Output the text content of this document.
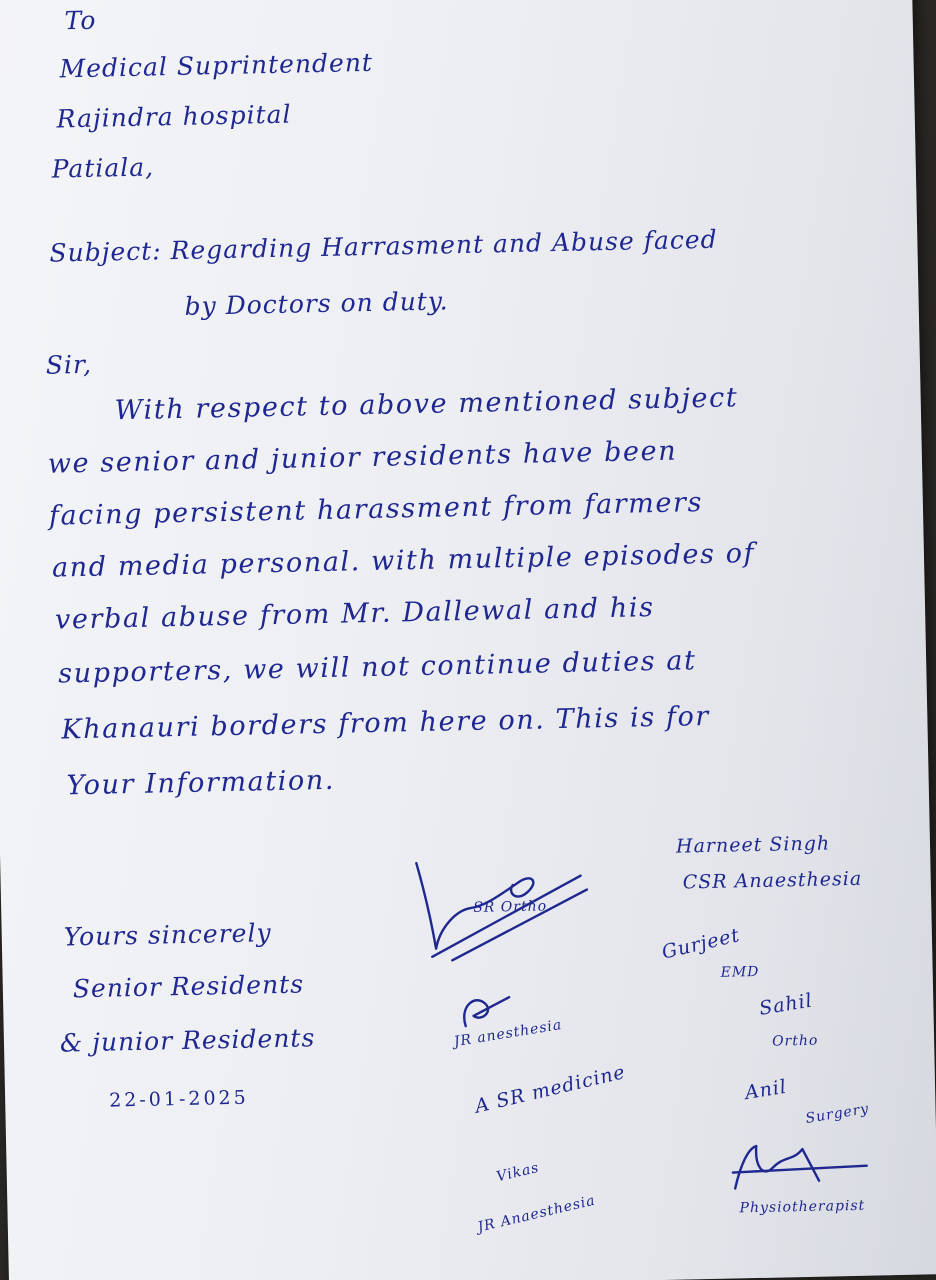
To

Medical Suprintendent

Rajindra hospital

Patiala,

Subject: Regarding Harrasment and Abuse faced

by Doctors on duty.

Sir,

With respect to above mentioned subject

we senior and junior residents have been

facing persistent harassment from farmers

and media personal. with multiple episodes of

verbal abuse from Mr. Dallewal and his

supporters, we will not continue duties at

Khanauri borders from here on. This is for

Your Information.

Yours sincerely

Senior Residents

& junior Residents

22-01-2025

Harneet Singh

CSR Anaesthesia

SR Ortho

Gurjeet

EMD

JR anesthesia

Sahil

Ortho

A SR medicine	Anil

Surgery

Vikas

JR Anaesthesia	Physiotherapist
